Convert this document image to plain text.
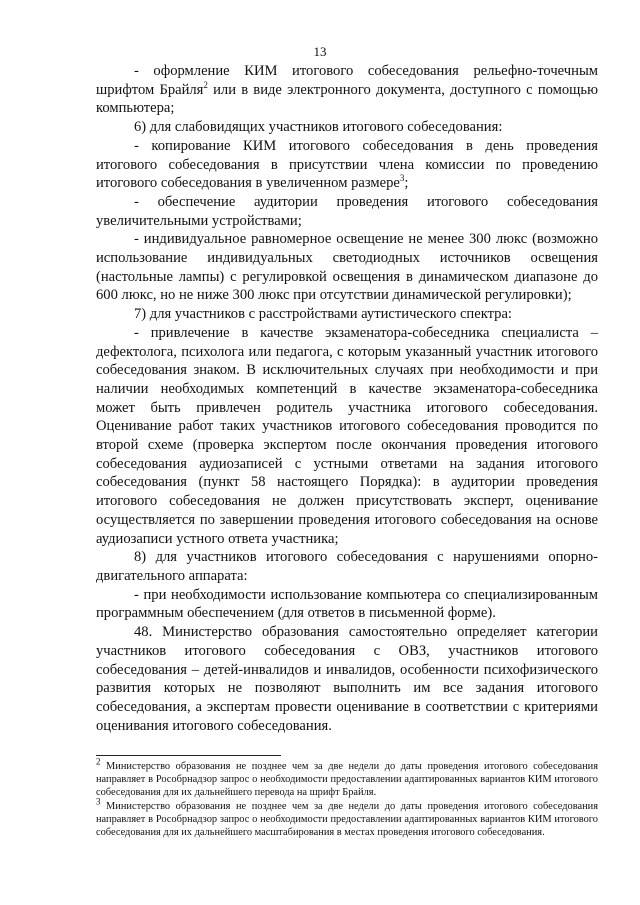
13

- оформление КИМ итогового собеседования рельефно-точечным шрифтом Брайля$^2$ или в виде электронного документа, доступного с помощью компьютера;

6) для слабовидящих участников итогового собеседования:

- копирование КИМ итогового собеседования в день проведения итогового собеседования в присутствии члена комиссии по проведению итогового собеседования в увеличенном размере$^3$;

- обеспечение аудитории проведения итогового собеседования увеличительными устройствами;

- индивидуальное равномерное освещение не менее 300 люкс (возможно использование индивидуальных светодиодных источников освещения (настольные лампы) с регулировкой освещения в динамическом диапазоне до 600 люкс, но не ниже 300 люкс при отсутствии динамической регулировки);

7) для участников с расстройствами аутистического спектра:

- привлечение в качестве экзаменатора-собеседника специалиста – дефектолога, психолога или педагога, с которым указанный участник итогового собеседования знаком. В исключительных случаях при необходимости и при наличии необходимых компетенций в качестве экзаменатора-собеседника может быть привлечен родитель участника итогового собеседования. Оценивание работ таких участников итогового собеседования проводится по второй схеме (проверка экспертом после окончания проведения итогового собеседования аудиозаписей с устными ответами на задания итогового собеседования (пункт 58 настоящего Порядка): в аудитории проведения итогового собеседования не должен присутствовать эксперт, оценивание осуществляется по завершении проведения итогового собеседования на основе аудиозаписи устного ответа участника;

8) для участников итогового собеседования с нарушениями опорно-двигательного аппарата:

- при необходимости использование компьютера со специализированным программным обеспечением (для ответов в письменной форме).

48. Министерство образования самостоятельно определяет категории участников итогового собеседования с ОВЗ, участников итогового собеседования – детей-инвалидов и инвалидов, особенности психофизического развития которых не позволяют выполнить им все задания итогового собеседования, а экспертам провести оценивание в соответствии с критериями оценивания итогового собеседования.

$^2$ Министерство образования не позднее чем за две недели до даты проведения итогового собеседования направляет в Рособрнадзор запрос о необходимости предоставлении адаптированных вариантов КИМ итогового собеседования для их дальнейшего перевода на шрифт Брайля.

$^3$ Министерство образования не позднее чем за две недели до даты проведения итогового собеседования направляет в Рособрнадзор запрос о необходимости предоставлении адаптированных вариантов КИМ итогового собеседования для их дальнейшего масштабирования в местах проведения итогового собеседования.
